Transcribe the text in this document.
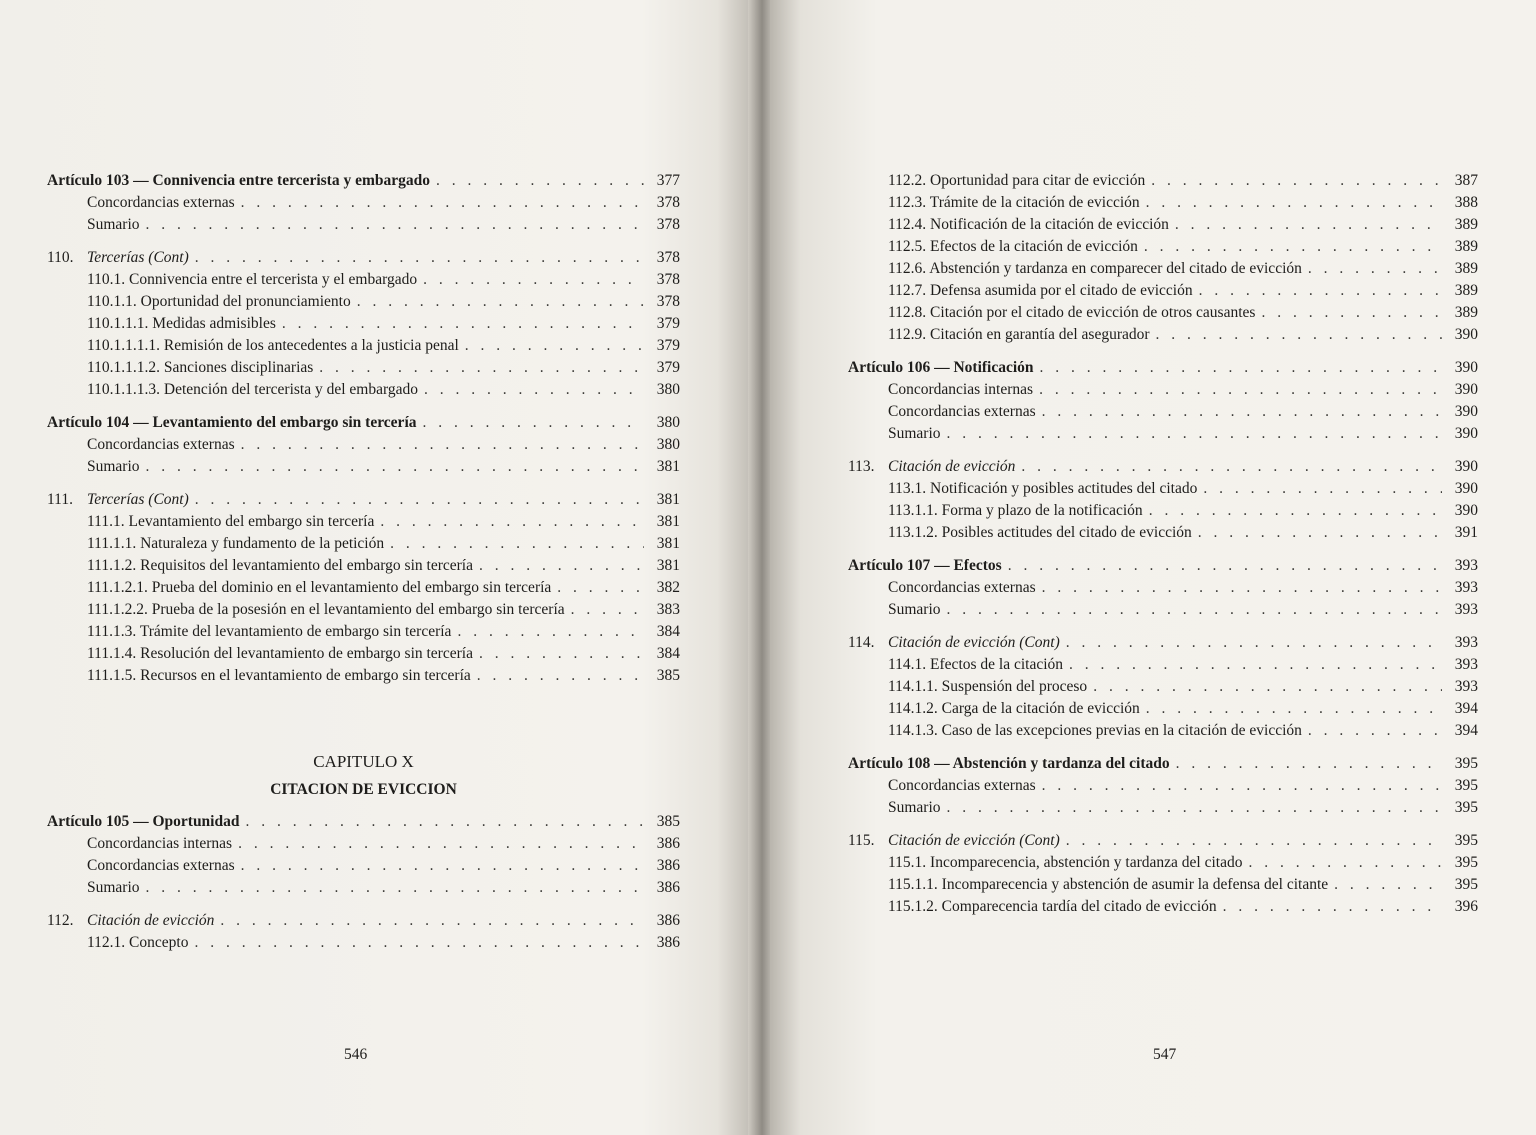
Artículo 103 — Connivencia entre tercerista y embargado . . .	377
Concordancias externas . . .	378
Sumario . . .	378
110. Tercerías (Cont) . . .	378
110.1. Connivencia entre el tercerista y el embargado . . .	378
110.1.1. Oportunidad del pronunciamiento . . .	378
110.1.1.1. Medidas admisibles . . .	379
110.1.1.1.1. Remisión de los antecedentes a la justicia penal . . .	379
110.1.1.1.2. Sanciones disciplinarias . . .	379
110.1.1.1.3. Detención del tercerista y del embargado . . .	380
Artículo 104 — Levantamiento del embargo sin tercería . . .	380
Concordancias externas . . .	380
Sumario . . .	381
111. Tercerías (Cont) . . .	381
111.1. Levantamiento del embargo sin tercería . . .	381
111.1.1. Naturaleza y fundamento de la petición . . .	381
111.1.2. Requisitos del levantamiento del embargo sin tercería . . .	381
111.1.2.1. Prueba del dominio en el levantamiento del embargo sin tercería . . .	382
111.1.2.2. Prueba de la posesión en el levantamiento del embargo sin tercería . . .	383
111.1.3. Trámite del levantamiento de embargo sin tercería . . .	384
111.1.4. Resolución del levantamiento de embargo sin tercería . . .	384
111.1.5. Recursos en el levantamiento de embargo sin tercería . . .	385
CAPITULO X
CITACION DE EVICCION
Artículo 105 — Oportunidad . . .	385
Concordancias internas . . .	386
Concordancias externas . . .	386
Sumario . . .	386
112. Citación de evicción . . .	386
112.1. Concepto . . .	386
546
112.2. Oportunidad para citar de evicción . . .	387
112.3. Trámite de la citación de evicción . . .	388
112.4. Notificación de la citación de evicción . . .	389
112.5. Efectos de la citación de evicción . . .	389
112.6. Abstención y tardanza en comparecer del citado de evicción . . .	389
112.7. Defensa asumida por el citado de evicción . . .	389
112.8. Citación por el citado de evicción de otros causantes . . .	389
112.9. Citación en garantía del asegurador . . .	390
Artículo 106 — Notificación . . .	390
Concordancias internas . . .	390
Concordancias externas . . .	390
Sumario . . .	390
113. Citación de evicción . . .	390
113.1. Notificación y posibles actitudes del citado . . .	390
113.1.1. Forma y plazo de la notificación . . .	390
113.1.2. Posibles actitudes del citado de evicción . . .	391
Artículo 107 — Efectos . . .	393
Concordancias externas . . .	393
Sumario . . .	393
114. Citación de evicción (Cont) . . .	393
114.1. Efectos de la citación . . .	393
114.1.1. Suspensión del proceso . . .	393
114.1.2. Carga de la citación de evicción . . .	394
114.1.3. Caso de las excepciones previas en la citación de evicción . . .	394
Artículo 108 — Abstención y tardanza del citado . . .	395
Concordancias externas . . .	395
Sumario . . .	395
115. Citación de evicción (Cont) . . .	395
115.1. Incomparecencia, abstención y tardanza del citado . . .	395
115.1.1. Incomparecencia y abstención de asumir la defensa del citante . . .	395
115.1.2. Comparecencia tardía del citado de evicción . . .	396
547
